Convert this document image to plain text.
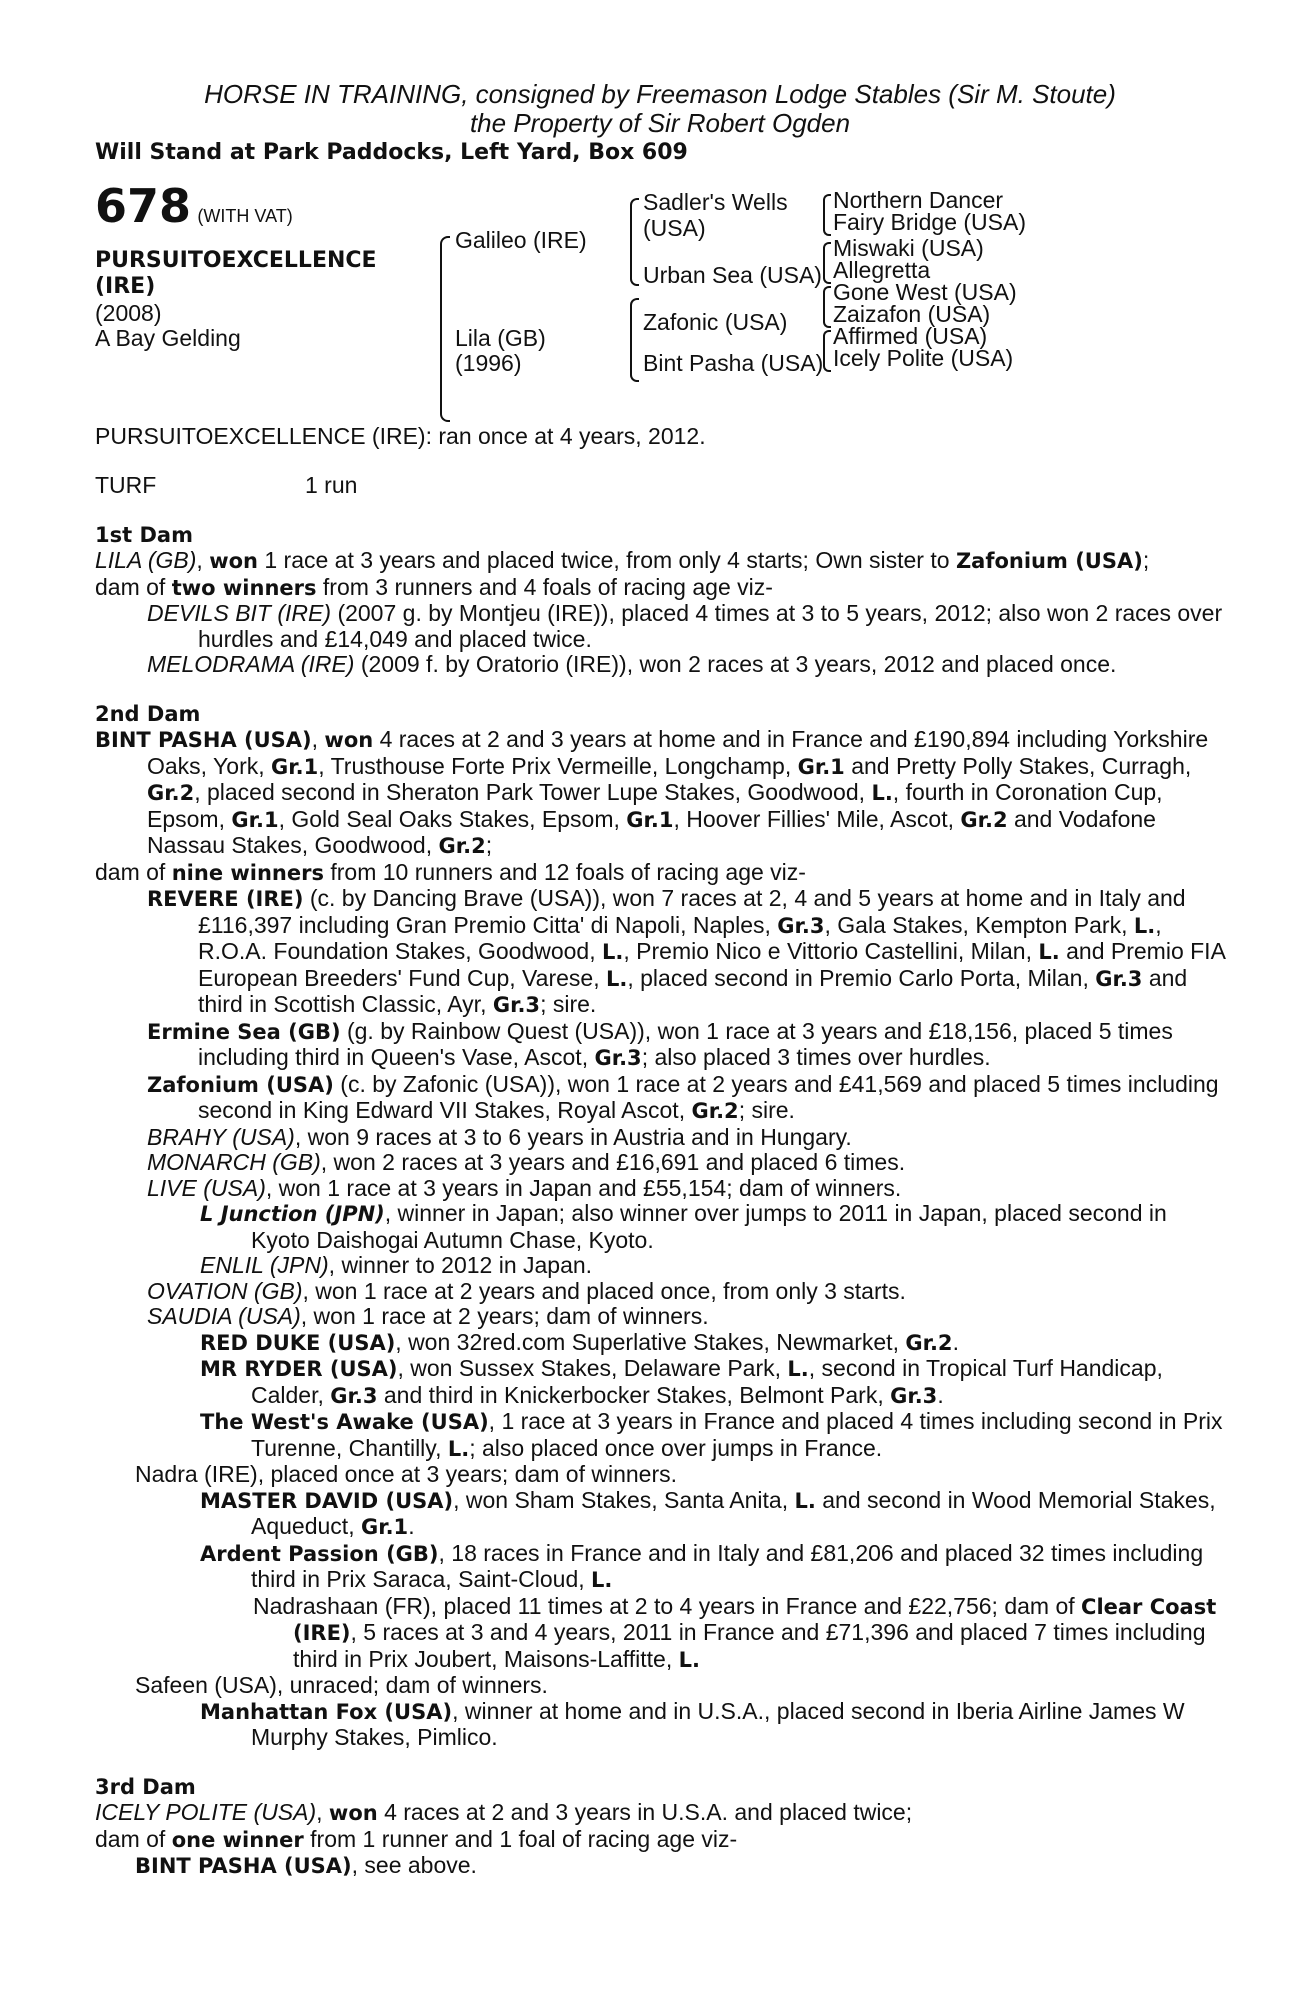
HORSE IN TRAINING, consigned by Freemason Lodge Stables (Sir M. Stoute)
the Property of Sir Robert Ogden
Will Stand at Park Paddocks, Left Yard, Box 609
678 (WITH VAT)
PURSUITOEXCELLENCE
(IRE)
(2008)
A Bay Gelding
Galileo (IRE)
Lila (GB)
(1996)
Sadler's Wells
(USA)
Urban Sea (USA)
Zafonic (USA)
Bint Pasha (USA)
Northern Dancer
Fairy Bridge (USA)
Miswaki (USA)
Allegretta
Gone West (USA)
Zaizafon (USA)
Affirmed (USA)
Icely Polite (USA)

PURSUITOEXCELLENCE (IRE): ran once at 4 years, 2012.

TURF	1 run
1st Dam

LILA (GB), won 1 race at 3 years and placed twice, from only 4 starts; Own sister to Zafonium (USA);

dam of two winners from 3 runners and 4 foals of racing age viz-

DEVILS BIT (IRE) (2007 g. by Montjeu (IRE)), placed 4 times at 3 to 5 years, 2012; also won 2 races over hurdles and £14,049 and placed twice.

MELODRAMA (IRE) (2009 f. by Oratorio (IRE)), won 2 races at 3 years, 2012 and placed once.

2nd Dam

BINT PASHA (USA), won 4 races at 2 and 3 years at home and in France and £190,894 including Yorkshire Oaks, York, Gr.1, Trusthouse Forte Prix Vermeille, Longchamp, Gr.1 and Pretty Polly Stakes, Curragh, Gr.2, placed second in Sheraton Park Tower Lupe Stakes, Goodwood, L., fourth in Coronation Cup, Epsom, Gr.1, Gold Seal Oaks Stakes, Epsom, Gr.1, Hoover Fillies' Mile, Ascot, Gr.2 and Vodafone Nassau Stakes, Goodwood, Gr.2;

dam of nine winners from 10 runners and 12 foals of racing age viz-

REVERE (IRE) (c. by Dancing Brave (USA)), won 7 races at 2, 4 and 5 years at home and in Italy and £116,397 including Gran Premio Citta' di Napoli, Naples, Gr.3, Gala Stakes, Kempton Park, L., R.O.A. Foundation Stakes, Goodwood, L., Premio Nico e Vittorio Castellini, Milan, L. and Premio FIA European Breeders' Fund Cup, Varese, L., placed second in Premio Carlo Porta, Milan, Gr.3 and third in Scottish Classic, Ayr, Gr.3; sire.

Ermine Sea (GB) (g. by Rainbow Quest (USA)), won 1 race at 3 years and £18,156, placed 5 times including third in Queen's Vase, Ascot, Gr.3; also placed 3 times over hurdles.

Zafonium (USA) (c. by Zafonic (USA)), won 1 race at 2 years and £41,569 and placed 5 times including second in King Edward VII Stakes, Royal Ascot, Gr.2; sire.

BRAHY (USA), won 9 races at 3 to 6 years in Austria and in Hungary.

MONARCH (GB), won 2 races at 3 years and £16,691 and placed 6 times.

LIVE (USA), won 1 race at 3 years in Japan and £55,154; dam of winners.

L Junction (JPN), winner in Japan; also winner over jumps to 2011 in Japan, placed second in Kyoto Daishogai Autumn Chase, Kyoto.

ENLIL (JPN), winner to 2012 in Japan.

OVATION (GB), won 1 race at 2 years and placed once, from only 3 starts.

SAUDIA (USA), won 1 race at 2 years; dam of winners.

RED DUKE (USA), won 32red.com Superlative Stakes, Newmarket, Gr.2.

MR RYDER (USA), won Sussex Stakes, Delaware Park, L., second in Tropical Turf Handicap, Calder, Gr.3 and third in Knickerbocker Stakes, Belmont Park, Gr.3.

The West's Awake (USA), 1 race at 3 years in France and placed 4 times including second in Prix Turenne, Chantilly, L.; also placed once over jumps in France.

Nadra (IRE), placed once at 3 years; dam of winners.

MASTER DAVID (USA), won Sham Stakes, Santa Anita, L. and second in Wood Memorial Stakes, Aqueduct, Gr.1.

Ardent Passion (GB), 18 races in France and in Italy and £81,206 and placed 32 times including third in Prix Saraca, Saint-Cloud, L.

Nadrashaan (FR), placed 11 times at 2 to 4 years in France and £22,756; dam of Clear Coast (IRE), 5 races at 3 and 4 years, 2011 in France and £71,396 and placed 7 times including third in Prix Joubert, Maisons-Laffitte, L.

Safeen (USA), unraced; dam of winners.

Manhattan Fox (USA), winner at home and in U.S.A., placed second in Iberia Airline James W Murphy Stakes, Pimlico.

3rd Dam

ICELY POLITE (USA), won 4 races at 2 and 3 years in U.S.A. and placed twice;

dam of one winner from 1 runner and 1 foal of racing age viz-

BINT PASHA (USA), see above.
